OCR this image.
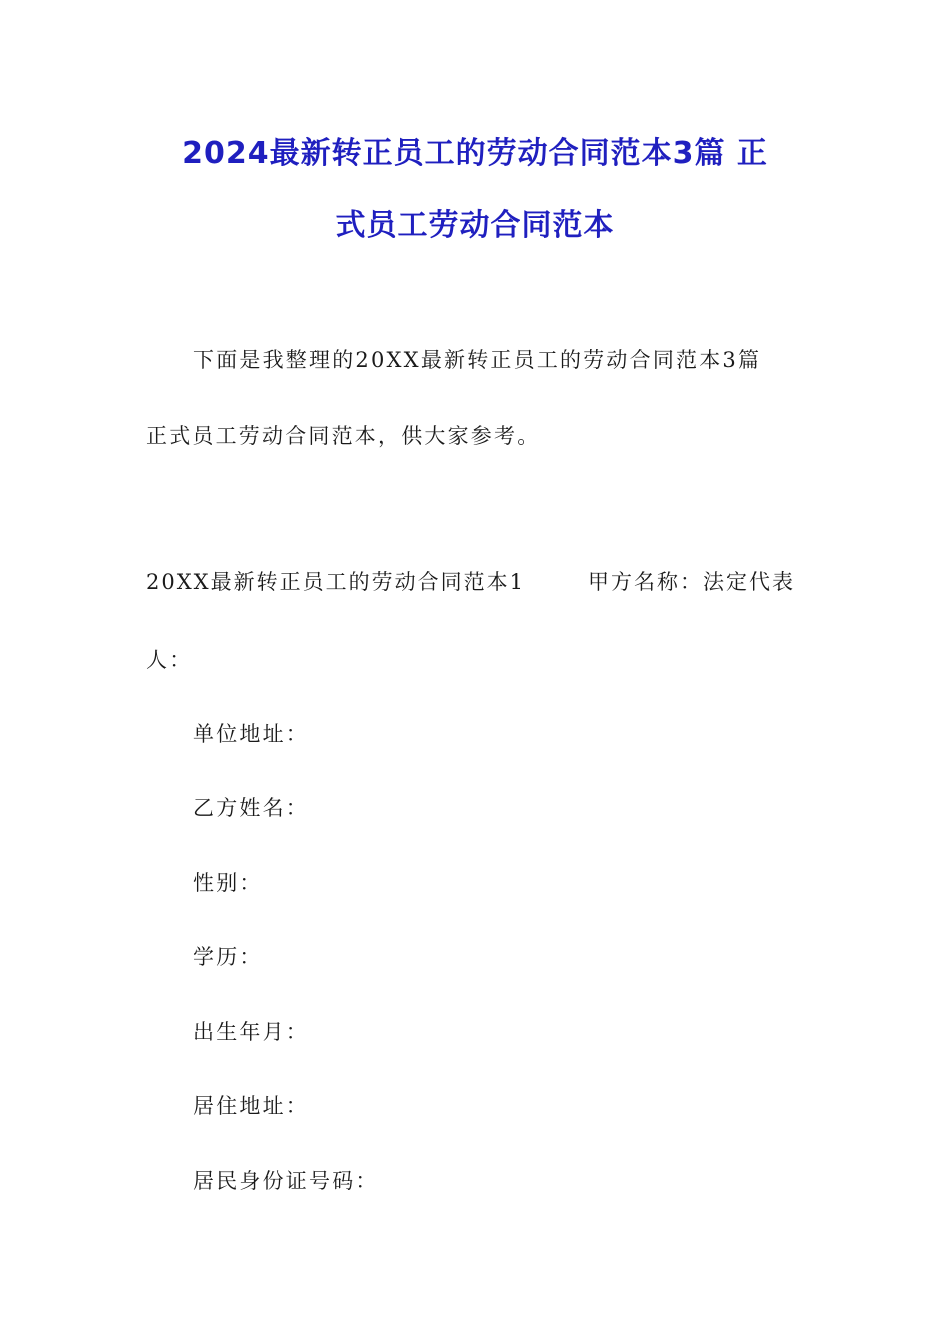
2024最新转正员工的劳动合同范本3篇 正
式员工劳动合同范本

下面是我整理的20XX最新转正员工的劳动合同范本3篇

正式员工劳动合同范本，供大家参考。

20XX最新转正员工的劳动合同范本1	甲方名称：法定代表

人：

单位地址：

乙方姓名：

性别：

学历：

出生年月：

居住地址：

居民身份证号码：
